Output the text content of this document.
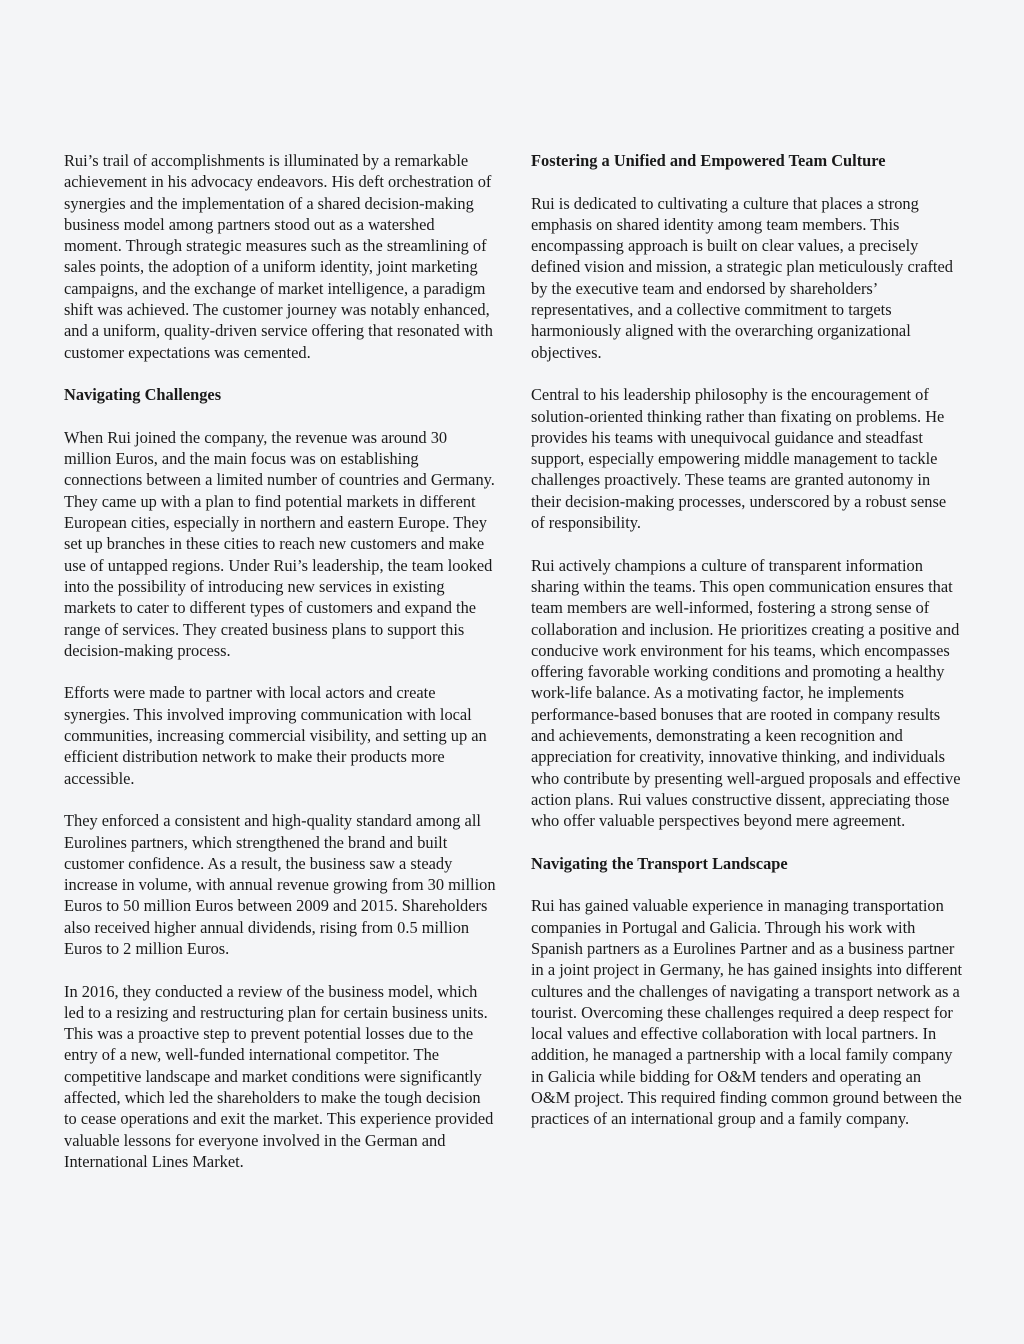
Rui’s trail of accomplishments is illuminated by a remarkable achievement in his advocacy endeavors. His deft orchestration of synergies and the implementation of a shared decision-making business model among partners stood out as a watershed moment. Through strategic measures such as the streamlining of sales points, the adoption of a uniform identity, joint marketing campaigns, and the exchange of market intelligence, a paradigm shift was achieved. The customer journey was notably enhanced, and a uniform, quality-driven service offering that resonated with customer expectations was cemented.

Navigating Challenges

When Rui joined the company, the revenue was around 30 million Euros, and the main focus was on establishing connections between a limited number of countries and Germany. They came up with a plan to find potential markets in different European cities, especially in northern and eastern Europe. They set up branches in these cities to reach new customers and make use of untapped regions. Under Rui’s leadership, the team looked into the possibility of introducing new services in existing markets to cater to different types of customers and expand the range of services. They created business plans to support this decision-making process.

Efforts were made to partner with local actors and create synergies. This involved improving communication with local communities, increasing commercial visibility, and setting up an efficient distribution network to make their products more accessible.

They enforced a consistent and high-quality standard among all Eurolines partners, which strengthened the brand and built customer confidence. As a result, the business saw a steady increase in volume, with annual revenue growing from 30 million Euros to 50 million Euros between 2009 and 2015. Shareholders also received higher annual dividends, rising from 0.5 million Euros to 2 million Euros.

In 2016, they conducted a review of the business model, which led to a resizing and restructuring plan for certain business units. This was a proactive step to prevent potential losses due to the entry of a new, well-funded international competitor. The competitive landscape and market conditions were significantly affected, which led the shareholders to make the tough decision to cease operations and exit the market. This experience provided valuable lessons for everyone involved in the German and International Lines Market.

Fostering a Unified and Empowered Team Culture

Rui is dedicated to cultivating a culture that places a strong emphasis on shared identity among team members. This encompassing approach is built on clear values, a precisely defined vision and mission, a strategic plan meticulously crafted by the executive team and endorsed by shareholders’ representatives, and a collective commitment to targets harmoniously aligned with the overarching organizational objectives.

Central to his leadership philosophy is the encouragement of solution-oriented thinking rather than fixating on problems. He provides his teams with unequivocal guidance and steadfast support, especially empowering middle management to tackle challenges proactively. These teams are granted autonomy in their decision-making processes, underscored by a robust sense of responsibility.

Rui actively champions a culture of transparent information sharing within the teams. This open communication ensures that team members are well-informed, fostering a strong sense of collaboration and inclusion. He prioritizes creating a positive and conducive work environment for his teams, which encompasses offering favorable working conditions and promoting a healthy work-life balance. As a motivating factor, he implements performance-based bonuses that are rooted in company results and achievements, demonstrating a keen recognition and appreciation for creativity, innovative thinking, and individuals who contribute by presenting well-argued proposals and effective action plans. Rui values constructive dissent, appreciating those who offer valuable perspectives beyond mere agreement.

Navigating the Transport Landscape

Rui has gained valuable experience in managing transportation companies in Portugal and Galicia. Through his work with Spanish partners as a Eurolines Partner and as a business partner in a joint project in Germany, he has gained insights into different cultures and the challenges of navigating a transport network as a tourist. Overcoming these challenges required a deep respect for local values and effective collaboration with local partners. In addition, he managed a partnership with a local family company in Galicia while bidding for O&M tenders and operating an O&M project. This required finding common ground between the practices of an international group and a family company.
